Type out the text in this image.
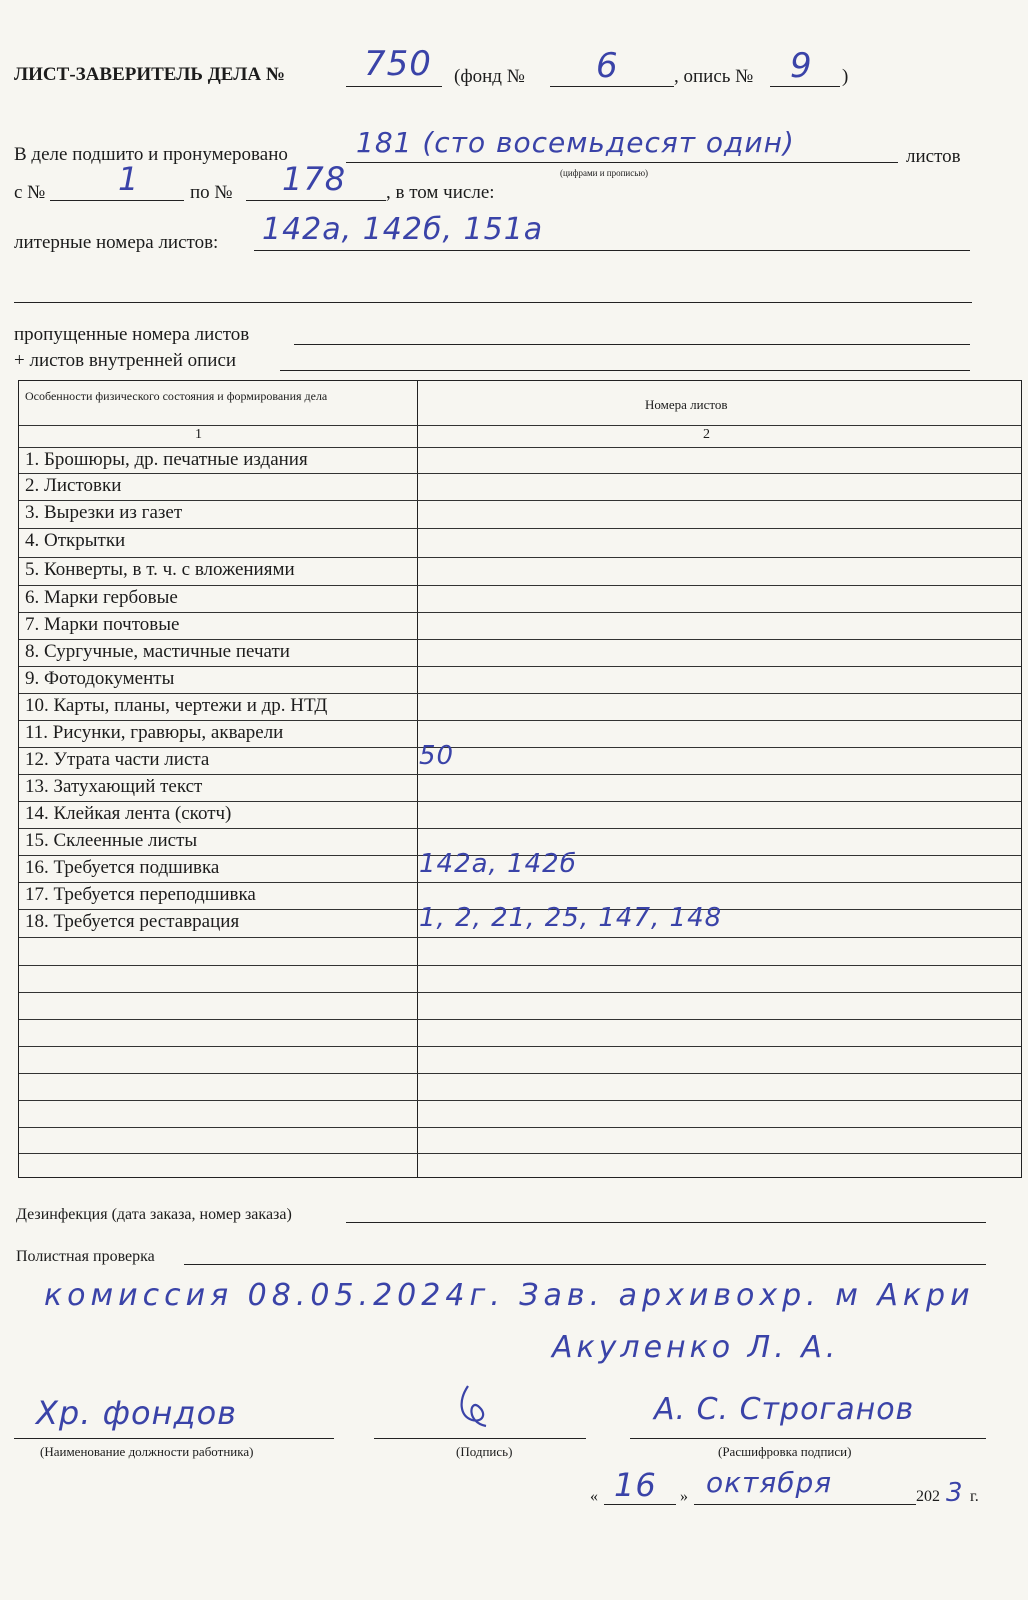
ЛИСТ-ЗАВЕРИТЕЛЬ ДЕЛА № 750 (фонд № 6	, опись № 9 )
В деле подшито и пронумеровано 181 (сто восемьдесят один)
(цифрами и прописью)
листов
с № 1	по № 178 , в том числе:
литерные номера листов: 142а, 142б, 151а
пропущенные номера листов
+ листов внутренней описи
Особенности физического состояния и формирования дела
Номера листов
1	2
1. Брошюры, др. печатные издания
2. Листовки
3. Вырезки из газет
4. Открытки
5. Конверты, в т. ч. с вложениями
6. Марки гербовые
7. Марки почтовые
8. Сургучные, мастичные печати
9. Фотодокументы
10. Карты, планы, чертежи и др. НТД
11. Рисунки, гравюры, акварели
12. Утрата части листа	50
13. Затухающий текст
14. Клейкая лента (скотч)
15. Склеенные листы
16. Требуется подшивка	142а, 142б
17. Требуется переподшивка
18. Требуется реставрация	1, 2, 21, 25, 147, 148
Дезинфекция (дата заказа, номер заказа)
Полистная проверка
комиссия 08.05.2024г. Зав. архивохр. м Акри
Акуленко Л. А.
Хр. фондов
(Наименование должности работника)	(Подпись)
А. С. Строганов
(Расшифровка подписи)
« 16 » октября	202 3 г.
